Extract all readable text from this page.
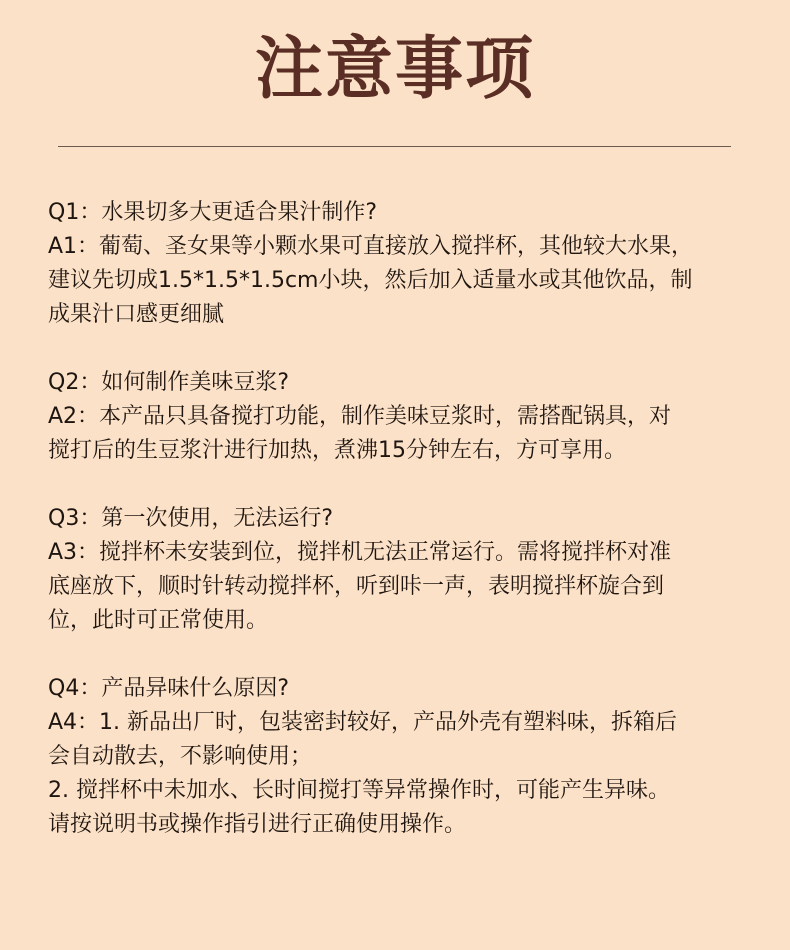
注意事项

Q1：水果切多大更适合果汁制作?

A1：葡萄、圣女果等小颗水果可直接放入搅拌杯，其他较大水果，

建议先切成1.5*1.5*1.5cm小块，然后加入适量水或其他饮品，制

成果汁口感更细腻

Q2：如何制作美味豆浆?

A2：本产品只具备搅打功能，制作美味豆浆时，需搭配锅具，对

搅打后的生豆浆汁进行加热，煮沸15分钟左右，方可享用。

Q3：第一次使用，无法运行?

A3：搅拌杯未安装到位，搅拌机无法正常运行。需将搅拌杯对准

底座放下，顺时针转动搅拌杯，听到咔一声，表明搅拌杯旋合到

位，此时可正常使用。

Q4：产品异味什么原因?

A4：1. 新品出厂时，包装密封较好，产品外壳有塑料味，拆箱后

会自动散去，不影响使用；

2. 搅拌杯中未加水、长时间搅打等异常操作时，可能产生异味。

请按说明书或操作指引进行正确使用操作。
